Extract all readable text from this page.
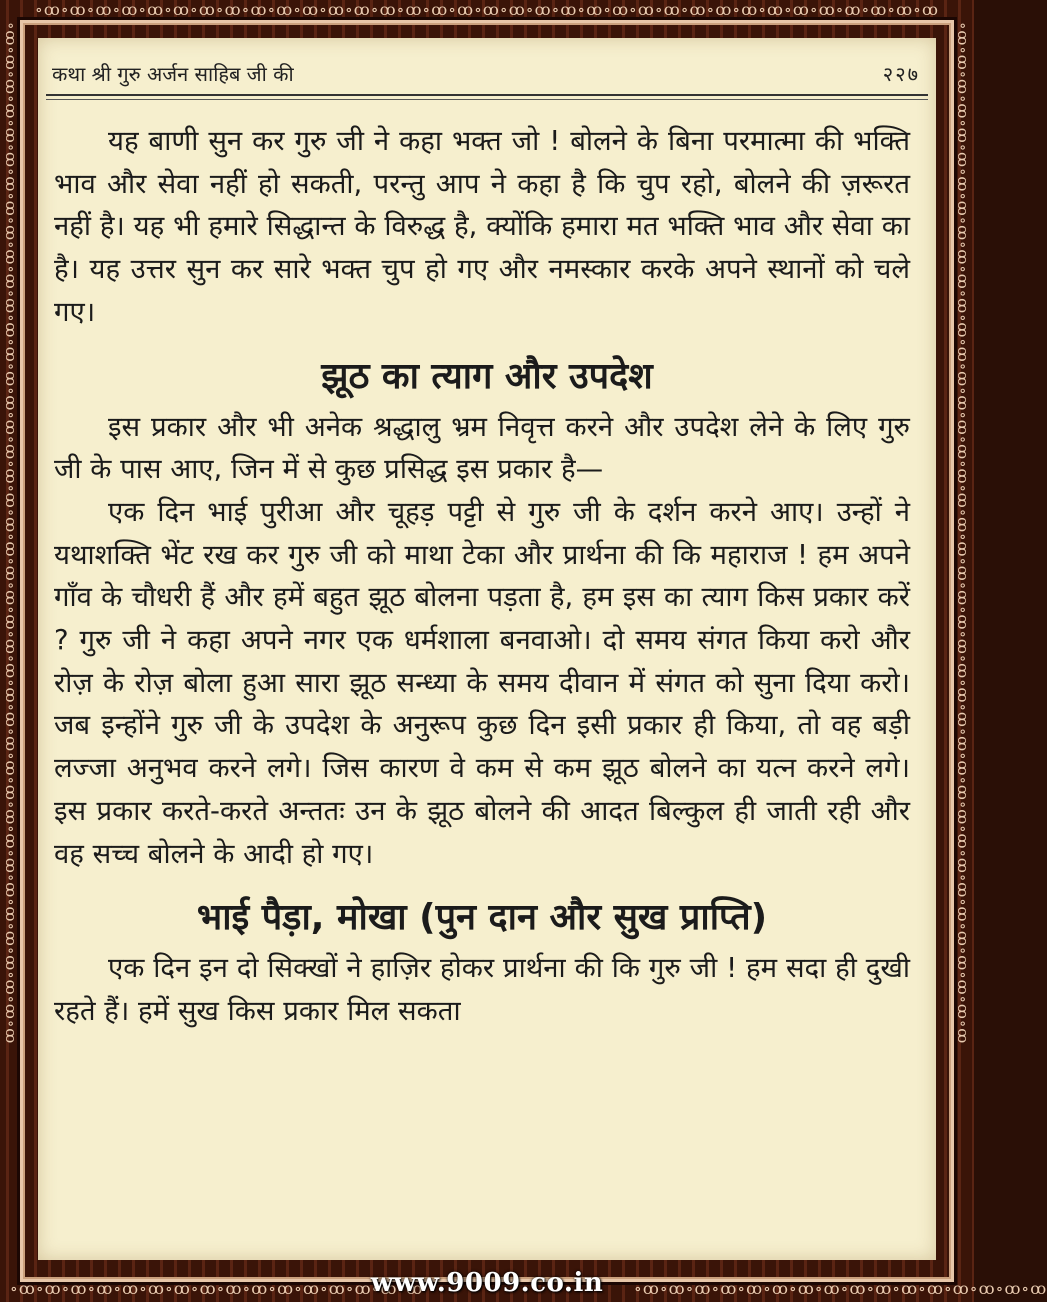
∘ꝏ∘ꝏ∘ꝏ∘ꝏ∘ꝏ∘ꝏ∘ꝏ∘ꝏ∘ꝏ∘ꝏ∘ꝏ∘ꝏ∘ꝏ∘ꝏ∘ꝏ∘ꝏ∘ꝏ∘ꝏ∘ꝏ∘ꝏ∘ꝏ∘ꝏ∘ꝏ∘ꝏ∘ꝏ∘ꝏ∘ꝏ∘ꝏ∘ꝏ∘ꝏ∘ꝏ∘ꝏ∘ꝏ∘ꝏ∘ꝏ
∘ꝏ∘ꝏ∘ꝏ∘ꝏ∘ꝏ∘ꝏ∘ꝏ∘ꝏ∘ꝏ∘ꝏ∘ꝏ∘ꝏ∘ꝏ∘ꝏ∘ꝏ∘ꝏ∘ꝏ∘ꝏ∘ꝏ∘ꝏ∘ꝏ∘ꝏ∘ꝏ∘ꝏ∘ꝏ∘ꝏ∘ꝏ∘ꝏ∘ꝏ∘ꝏ∘ꝏ∘ꝏ∘ꝏ∘ꝏ∘ꝏ∘ꝏ∘ꝏ∘ꝏ∘ꝏ∘ꝏ∘ꝏ∘ꝏ	∘ꝏ∘ꝏ∘ꝏ∘ꝏ∘ꝏ∘ꝏ∘ꝏ∘ꝏ∘ꝏ∘ꝏ∘ꝏ∘ꝏ∘ꝏ∘ꝏ∘ꝏ∘ꝏ∘ꝏ∘ꝏ∘ꝏ∘ꝏ∘ꝏ∘ꝏ∘ꝏ∘ꝏ∘ꝏ∘ꝏ∘ꝏ∘ꝏ∘ꝏ∘ꝏ∘ꝏ∘ꝏ∘ꝏ∘ꝏ∘ꝏ∘ꝏ∘ꝏ∘ꝏ∘ꝏ∘ꝏ∘ꝏ∘ꝏ
∘ꝏ∘ꝏ∘ꝏ∘ꝏ∘ꝏ∘ꝏ∘ꝏ∘ꝏ∘ꝏ∘ꝏ∘ꝏ∘ꝏ∘ꝏ∘ꝏ∘ꝏ∘ꝏ	∘ꝏ∘ꝏ∘ꝏ∘ꝏ∘ꝏ∘ꝏ∘ꝏ∘ꝏ∘ꝏ∘ꝏ∘ꝏ∘ꝏ∘ꝏ∘ꝏ∘ꝏ∘ꝏ
कथा श्री गुरु अर्जन साहिब जी की	२२७

यह बाणी सुन कर गुरु जी ने कहा भक्त जो ! बोलने के बिना परमात्मा की भक्ति भाव और सेवा नहीं हो सकती, परन्तु आप ने कहा है कि चुप रहो, बोलने की ज़रूरत नहीं है। यह भी हमारे सिद्धान्त के विरुद्ध है, क्योंकि हमारा मत भक्ति भाव और सेवा का है। यह उत्तर सुन कर सारे भक्त चुप हो गए और नमस्कार करके अपने स्थानों को चले गए।

झूठ का त्याग और उपदेश

इस प्रकार और भी अनेक श्रद्धालु भ्रम निवृत्त करने और उपदेश लेने के लिए गुरु जी के पास आए, जिन में से कुछ प्रसिद्ध इस प्रकार है—

एक दिन भाई पुरीआ और चूहड़ पट्टी से गुरु जी के दर्शन करने आए। उन्हों ने यथाशक्ति भेंट रख कर गुरु जी को माथा टेका और प्रार्थना की कि महाराज ! हम अपने गाँव के चौधरी हैं और हमें बहुत झूठ बोलना पड़ता है, हम इस का त्याग किस प्रकार करें ? गुरु जी ने कहा अपने नगर एक धर्मशाला बनवाओ। दो समय संगत किया करो और रोज़ के रोज़ बोला हुआ सारा झूठ सन्ध्या के समय दीवान में संगत को सुना दिया करो। जब इन्होंने गुरु जी के उपदेश के अनुरूप कुछ दिन इसी प्रकार ही किया, तो वह बड़ी लज्जा अनुभव करने लगे। जिस कारण वे कम से कम झूठ बोलने का यत्न करने लगे। इस प्रकार करते-करते अन्ततः उन के झूठ बोलने की आदत बिल्कुल ही जाती रही और वह सच्च बोलने के आदी हो गए।

भाई पैड़ा, मोखा (पुन दान और सुख प्राप्ति)

एक दिन इन दो सिक्खों ने हाज़िर होकर प्रार्थना की कि गुरु जी ! हम सदा ही दुखी रहते हैं। हमें सुख किस प्रकार मिल सकता

www.9009.co.in
